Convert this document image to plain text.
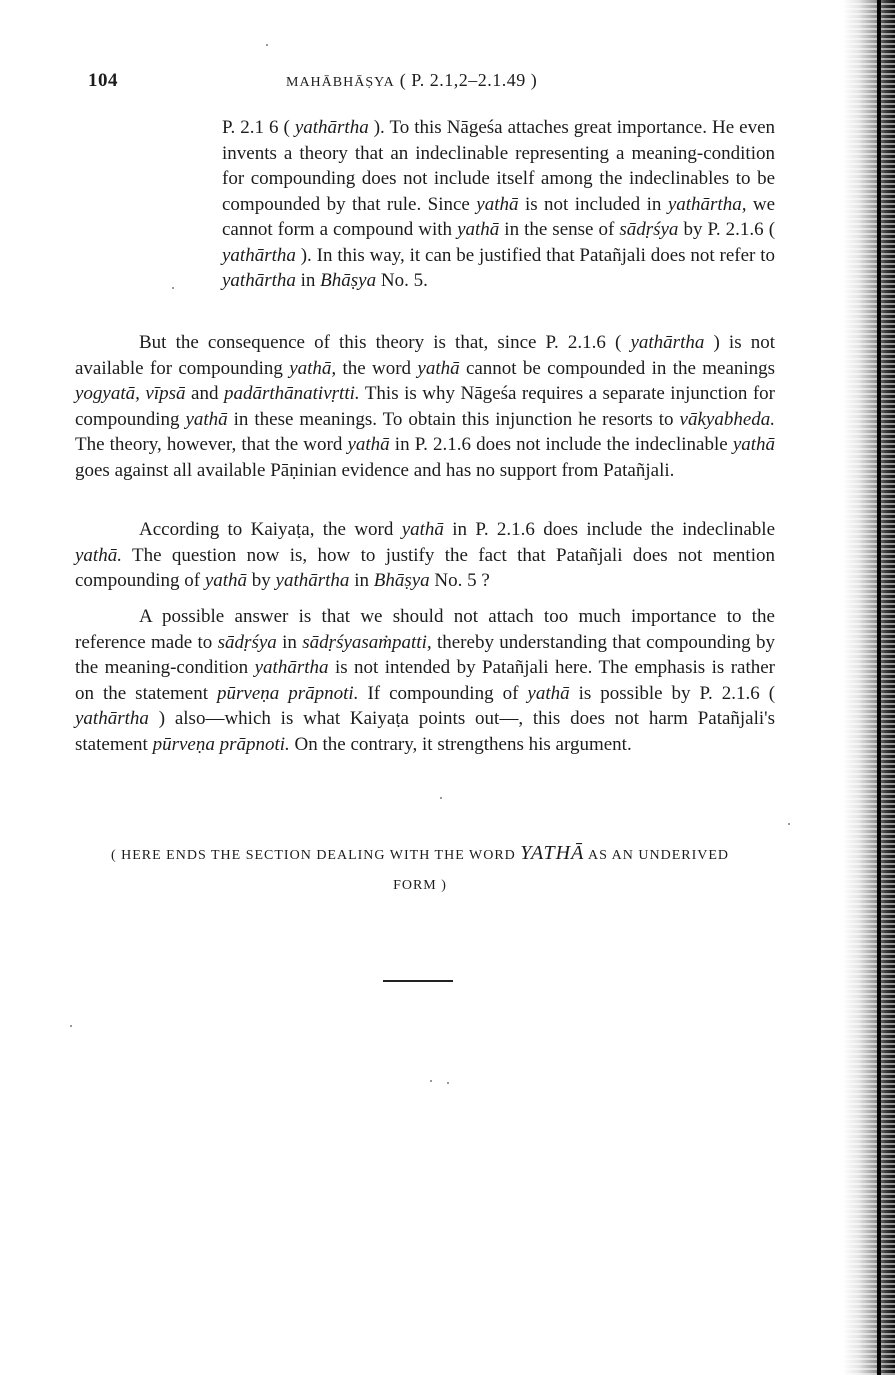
104	MAHĀBHĀṢYA ( P. 2.1,2–2.1.49 )

P. 2.1 6 ( yathārtha ). To this Nāgeśa attaches great importance. He even invents a theory that an indeclinable representing a meaning-condition for compounding does not include itself among the indeclinables to be compounded by that rule. Since yathā is not included in yathārtha, we cannot form a compound with yathā in the sense of sādṛśya by P. 2.1.6 ( yathārtha ). In this way, it can be justified that Patañjali does not refer to yathārtha in Bhāṣya No. 5.

But the consequence of this theory is that, since P. 2.1.6 ( yathārtha ) is not available for compounding yathā, the word yathā cannot be compounded in the meanings yogyatā, vīpsā and padārthānativṛtti. This is why Nāgeśa requires a separate injunction for compounding yathā in these meanings. To obtain this injunction he resorts to vākyabheda. The theory, however, that the word yathā in P. 2.1.6 does not include the indeclinable yathā goes against all available Pāṇinian evidence and has no support from Patañjali.

According to Kaiyaṭa, the word yathā in P. 2.1.6 does include the indeclinable yathā. The question now is, how to justify the fact that Patañjali does not mention compounding of yathā by yathārtha in Bhāṣya No. 5 ?

A possible answer is that we should not attach too much importance to the reference made to sādṛśya in sādṛśyasaṁpatti, thereby understanding that compounding by the meaning-condition yathārtha is not intended by Patañjali here. The emphasis is rather on the statement pūrveṇa prāpnoti. If compounding of yathā is possible by P. 2.1.6 ( yathārtha ) also—which is what Kaiyaṭa points out—, this does not harm Patañjali's statement pūrveṇa prāpnoti. On the contrary, it strengthens his argument.

( HERE ENDS THE SECTION DEALING WITH THE WORD YATHĀ AS AN UNDERIVED FORM )
